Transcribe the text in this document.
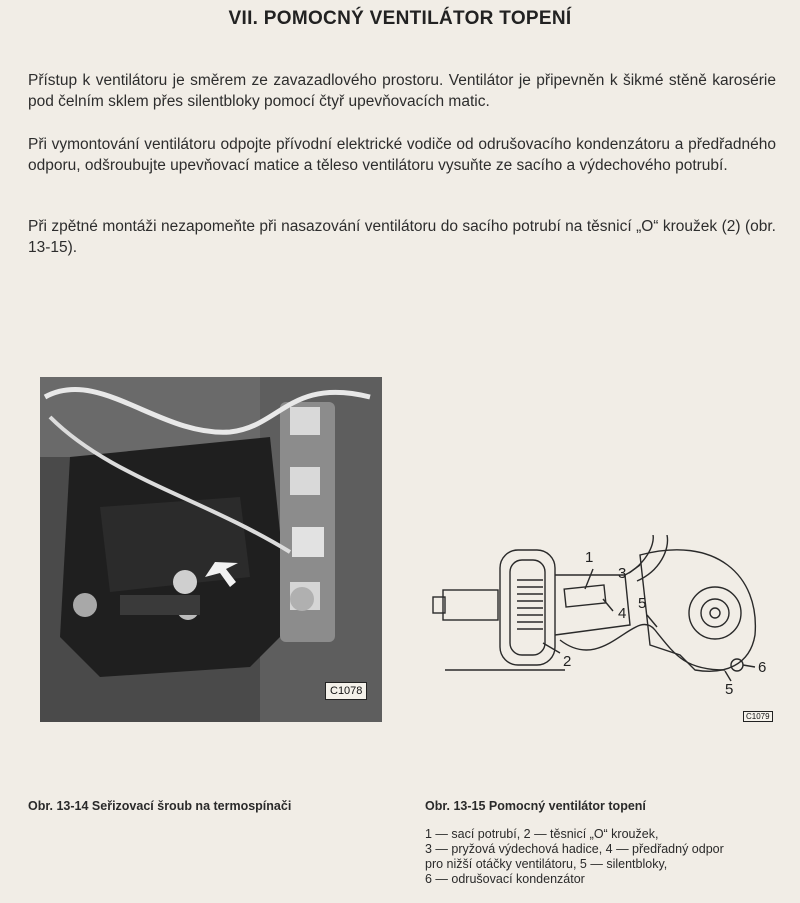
VII. POMOCNÝ VENTILÁTOR TOPENÍ
Přístup k ventilátoru je směrem ze zavazadlového prostoru. Ventilátor je připevněn k šikmé stěně karosérie pod čelním sklem přes silentbloky pomocí čtyř upevňovacích matic.
Při vymontování ventilátoru odpojte přívodní elektrické vodiče od odrušovacího kondenzátoru a předřadného odporu, odšroubujte upevňovací matice a těleso ventilátoru vysuňte ze sacího a výdechového potrubí.
Při zpětné montáži nezapomeňte při nasazování ventilátoru do sacího potrubí na těsnicí „O“ kroužek (2) (obr. 13-15).
C1078
1
2
3
4
5
5
6
C1079
Obr. 13-14 Seřizovací šroub na termospínači	Obr. 13-15 Pomocný ventilátor topení
1 — sací potrubí, 2 — těsnicí „O“ kroužek,
3 — pryžová výdechová hadice, 4 — předřadný odpor
pro nižší otáčky ventilátoru, 5 — silentbloky,
6 — odrušovací kondenzátor
